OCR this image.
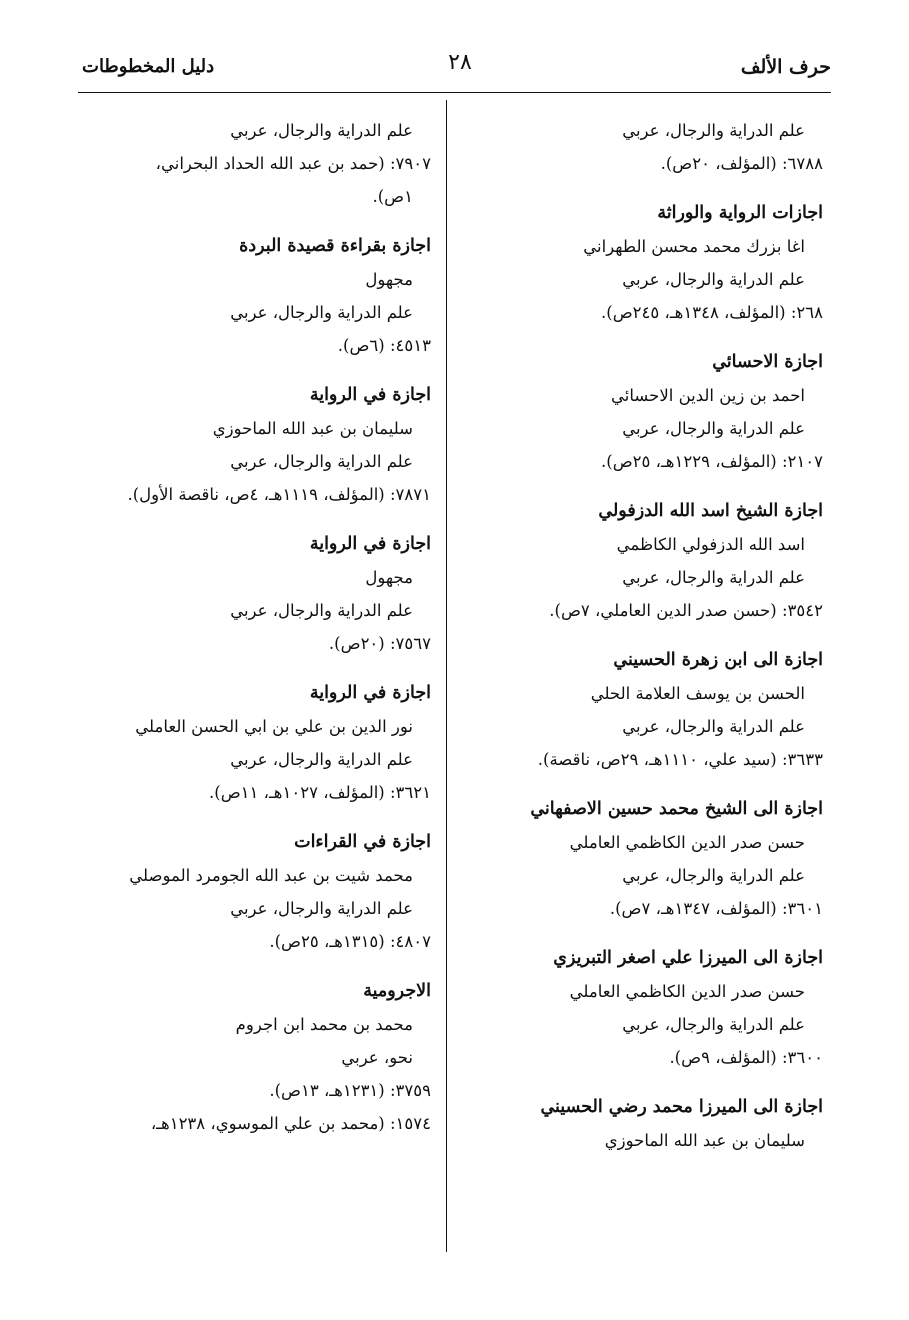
حرف الألف
٢٨
دليل المخطوطات
علم الدراية والرجال، عربي
٦٧٨٨: (المؤلف، ٢٠ص).
اجازات الرواية والوراثة
اغا بزرك محمد محسن الطهراني
علم الدراية والرجال، عربي
٢٦٨: (المؤلف، ١٣٤٨هـ، ٢٤٥ص).
اجازة الاحسائي
احمد بن زين الدين الاحسائي
علم الدراية والرجال، عربي
٢١٠٧: (المؤلف، ١٢٢٩هـ، ٢٥ص).
اجازة الشيخ اسد الله الدزفولي
اسد الله الدزفولي الكاظمي
علم الدراية والرجال، عربي
٣٥٤٢: (حسن صدر الدين العاملي، ٧ص).
اجازة الى ابن زهرة الحسيني
الحسن بن يوسف العلامة الحلي
علم الدراية والرجال، عربي
٣٦٣٣: (سيد علي، ١١١٠هـ، ٢٩ص، ناقصة).
اجازة الى الشيخ محمد حسين الاصفهاني
حسن صدر الدين الكاظمي العاملي
علم الدراية والرجال، عربي
٣٦٠١: (المؤلف، ١٣٤٧هـ، ٧ص).
اجازة الى الميرزا علي اصغر التبريزي
حسن صدر الدين الكاظمي العاملي
علم الدراية والرجال، عربي
٣٦٠٠: (المؤلف، ٩ص).
اجازة الى الميرزا محمد رضي الحسيني
سليمان بن عبد الله الماحوزي
علم الدراية والرجال، عربي
٧٩٠٧: (حمد بن عبد الله الحداد البحراني،
١ص).
اجازة بقراءة قصيدة البردة
مجهول
علم الدراية والرجال، عربي
٤٥١٣: (٦ص).
اجازة في الرواية
سليمان بن عبد الله الماحوزي
علم الدراية والرجال، عربي
٧٨٧١: (المؤلف، ١١١٩هـ، ٤ص، ناقصة الأول).
اجازة في الرواية
مجهول
علم الدراية والرجال، عربي
٧٥٦٧: (٢٠ص).
اجازة في الرواية
نور الدين بن علي بن ابي الحسن العاملي
علم الدراية والرجال، عربي
٣٦٢١: (المؤلف، ١٠٢٧هـ، ١١ص).
اجازة في القراءات
محمد شيت بن عبد الله الجومرد الموصلي
علم الدراية والرجال، عربي
٤٨٠٧: (١٣١٥هـ، ٢٥ص).
الاجرومية
محمد بن محمد ابن اجروم
نحو، عربي
٣٧٥٩: (١٢٣١هـ، ١٣ص).
١٥٧٤: (محمد بن علي الموسوي، ١٢٣٨هـ،
